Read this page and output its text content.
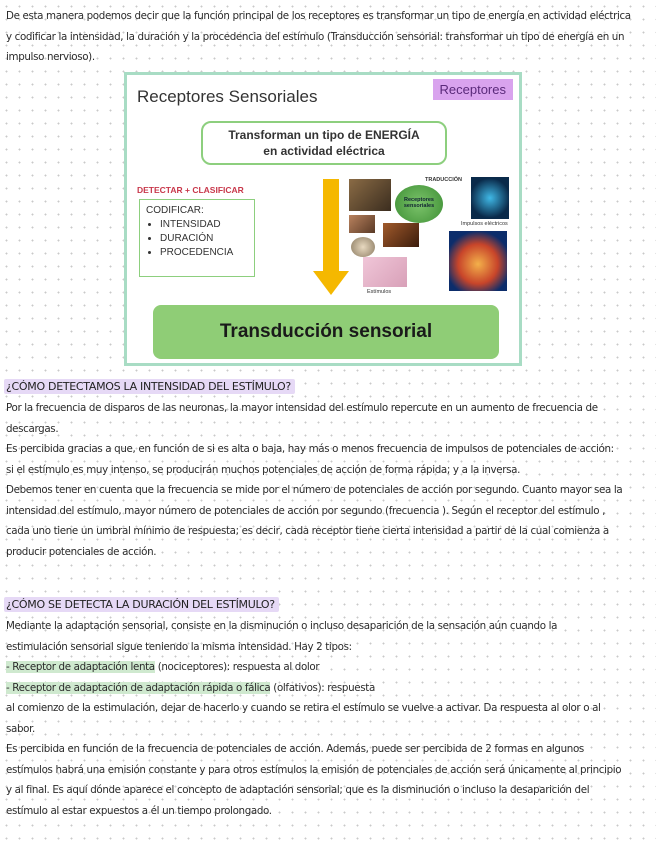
De esta manera podemos decir que la función principal de los receptores es transformar un tipo de energía en actividad eléctrica
y codificar la intensidad, la duración y la procedencia del estímulo (Transducción sensorial: transformar un tipo de energía en un
impulso nervioso).
Receptores Sensoriales	Receptores
Transforman un tipo de ENERGÍA
en actividad eléctrica
DETECTAR + CLASIFICAR
CODIFICAR:
• INTENSIDAD
• DURACIÓN
• PROCEDENCIA
Receptores sensoriales
TRADUCCIÓN
Impulsos eléctricos
Estímulos
Transducción sensorial
¿CÓMO DETECTAMOS LA INTENSIDAD DEL ESTÍMULO?
Por la frecuencia de disparos de las neuronas, la mayor intensidad del estímulo repercute en un aumento de frecuencia de
descargas.
Es percibida gracias a que, en función de si es alta o baja, hay más o menos frecuencia de impulsos de potenciales de acción:
si el estímulo es muy intenso, se producirán muchos potenciales de acción de forma rápida; y a la inversa.
Debemos tener en cuenta que la frecuencia se mide por el número de potenciales de acción por segundo. Cuanto mayor sea la
intensidad del estímulo, mayor número de potenciales de acción por segundo (frecuencia ). Según el receptor del estímulo ,
cada uno tiene un umbral mínimo de respuesta; es decir, cada receptor tiene cierta intensidad a partir de la cual comienza a
producir potenciales de acción.
¿CÓMO SE DETECTA LA DURACIÓN DEL ESTÍMULO?
Mediante la adaptación sensorial, consiste en la disminución o incluso desaparición de la sensación aún cuando la
estimulación sensorial sigue teniendo la misma intensidad. Hay 2 tipos:
- Receptor de adaptación lenta (nociceptores): respuesta al dolor
- Receptor de adaptación de adaptación rápida o fálica (olfativos): respuesta
al comienzo de la estimulación, dejar de hacerlo y cuando se retira el estímulo se vuelve a activar. Da respuesta al olor o al
sabor.
Es percibida en función de la frecuencia de potenciales de acción. Además, puede ser percibida de 2 formas en algunos
estímulos habrá una emisión constante y para otros estímulos la emisión de potenciales de acción será únicamente al principio
y al final. Es aquí dónde aparece el concepto de adaptación sensorial; que es la disminución o incluso la desaparición del
estímulo al estar expuestos a él un tiempo prolongado.
